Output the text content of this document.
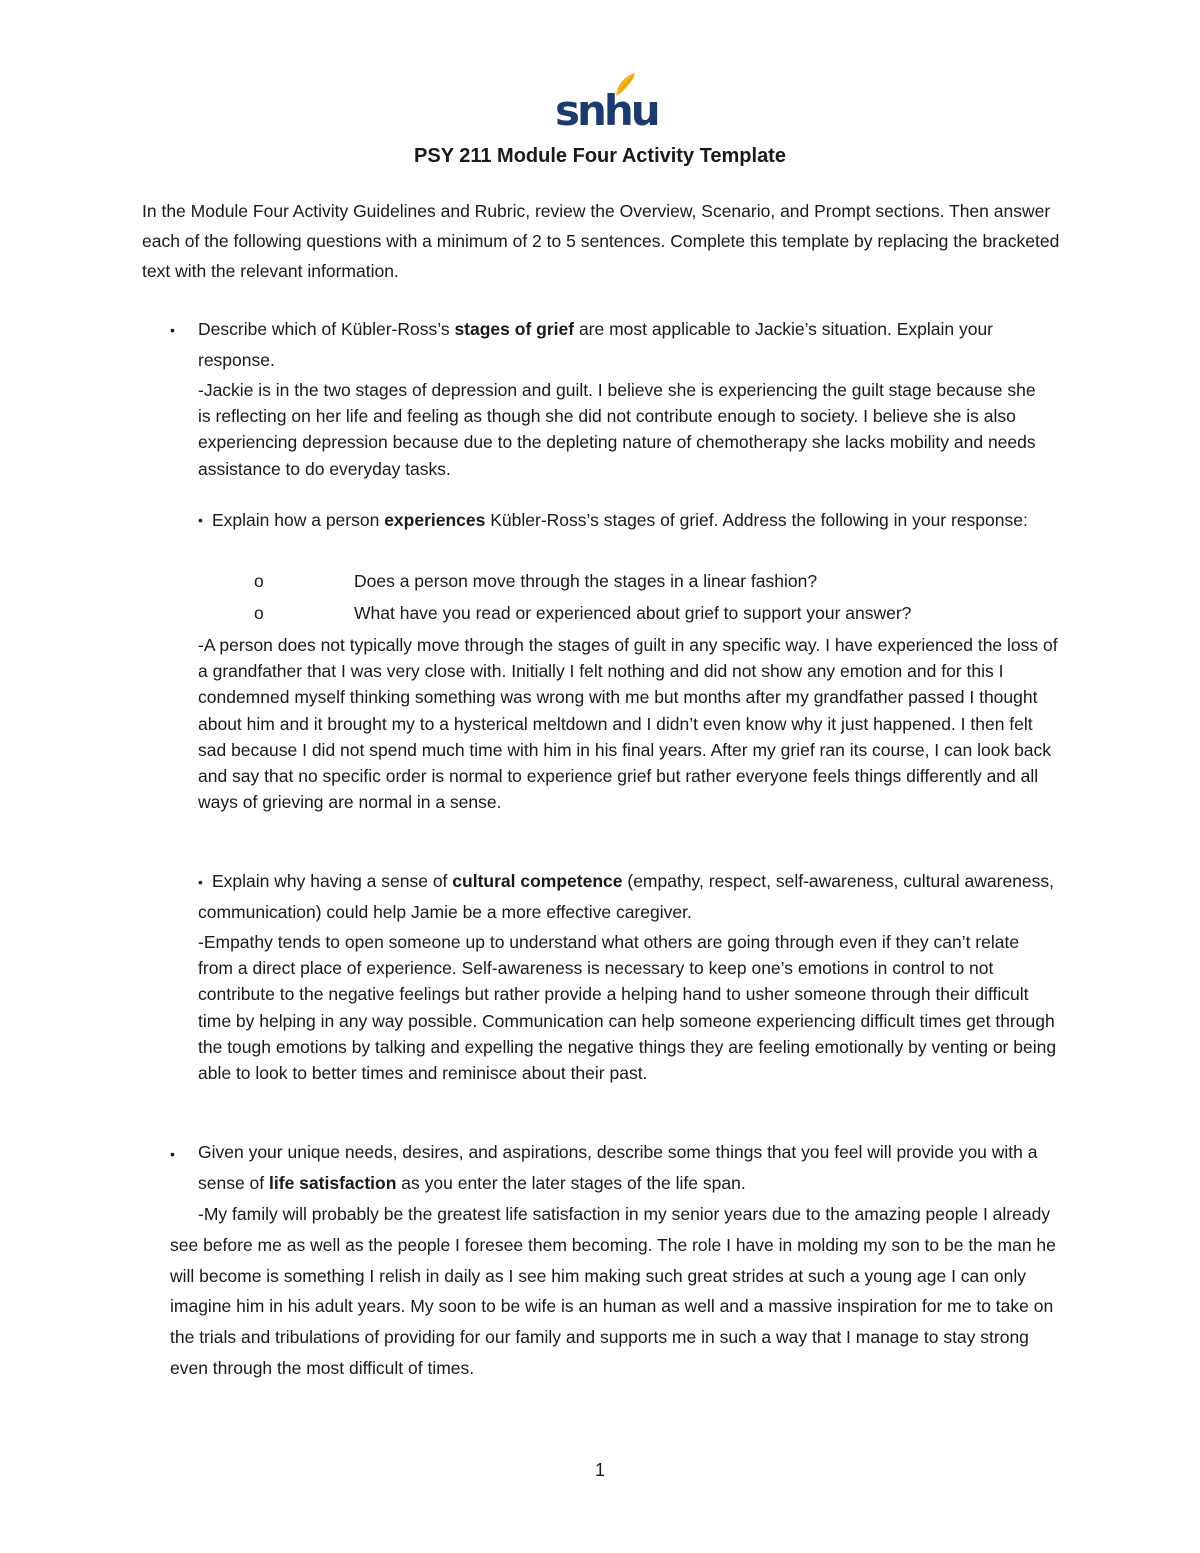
snhu
PSY 211 Module Four Activity Template
In the Module Four Activity Guidelines and Rubric, review the Overview, Scenario, and Prompt sections. Then answer each of the following questions with a minimum of 2 to 5 sentences. Complete this template by replacing the bracketed text with the relevant information.
• Describe which of Kübler-Ross’s stages of grief are most applicable to Jackie’s situation. Explain your response.
-Jackie is in the two stages of depression and guilt. I believe she is experiencing the guilt stage because she is reflecting on her life and feeling as though she did not contribute enough to society. I believe she is also experiencing depression because due to the depleting nature of chemotherapy she lacks mobility and needs assistance to do everyday tasks.
• Explain how a person experiences Kübler-Ross’s stages of grief. Address the following in your response:
o	Does a person move through the stages in a linear fashion?
o	What have you read or experienced about grief to support your answer?
-A person does not typically move through the stages of guilt in any specific way. I have experienced the loss of a grandfather that I was very close with. Initially I felt nothing and did not show any emotion and for this I condemned myself thinking something was wrong with me but months after my grandfather passed I thought about him and it brought my to a hysterical meltdown and I didn’t even know why it just happened. I then felt sad because I did not spend much time with him in his final years. After my grief ran its course, I can look back and say that no specific order is normal to experience grief but rather everyone feels things differently and all ways of grieving are normal in a sense.
• Explain why having a sense of cultural competence (empathy, respect, self-awareness, cultural awareness, communication) could help Jamie be a more effective caregiver.
-Empathy tends to open someone up to understand what others are going through even if they can’t relate from a direct place of experience. Self-awareness is necessary to keep one’s emotions in control to not contribute to the negative feelings but rather provide a helping hand to usher someone through their difficult time by helping in any way possible. Communication can help someone experiencing difficult times get through the tough emotions by talking and expelling the negative things they are feeling emotionally by venting or being able to look to better times and reminisce about their past.
• Given your unique needs, desires, and aspirations, describe some things that you feel will provide you with a sense of life satisfaction as you enter the later stages of the life span.
-My family will probably be the greatest life satisfaction in my senior years due to the amazing people I already see before me as well as the people I foresee them becoming. The role I have in molding my son to be the man he will become is something I relish in daily as I see him making such great strides at such a young age I can only imagine him in his adult years. My soon to be wife is an human as well and a massive inspiration for me to take on the trials and tribulations of providing for our family and supports me in such a way that I manage to stay strong even through the most difficult of times.
1
